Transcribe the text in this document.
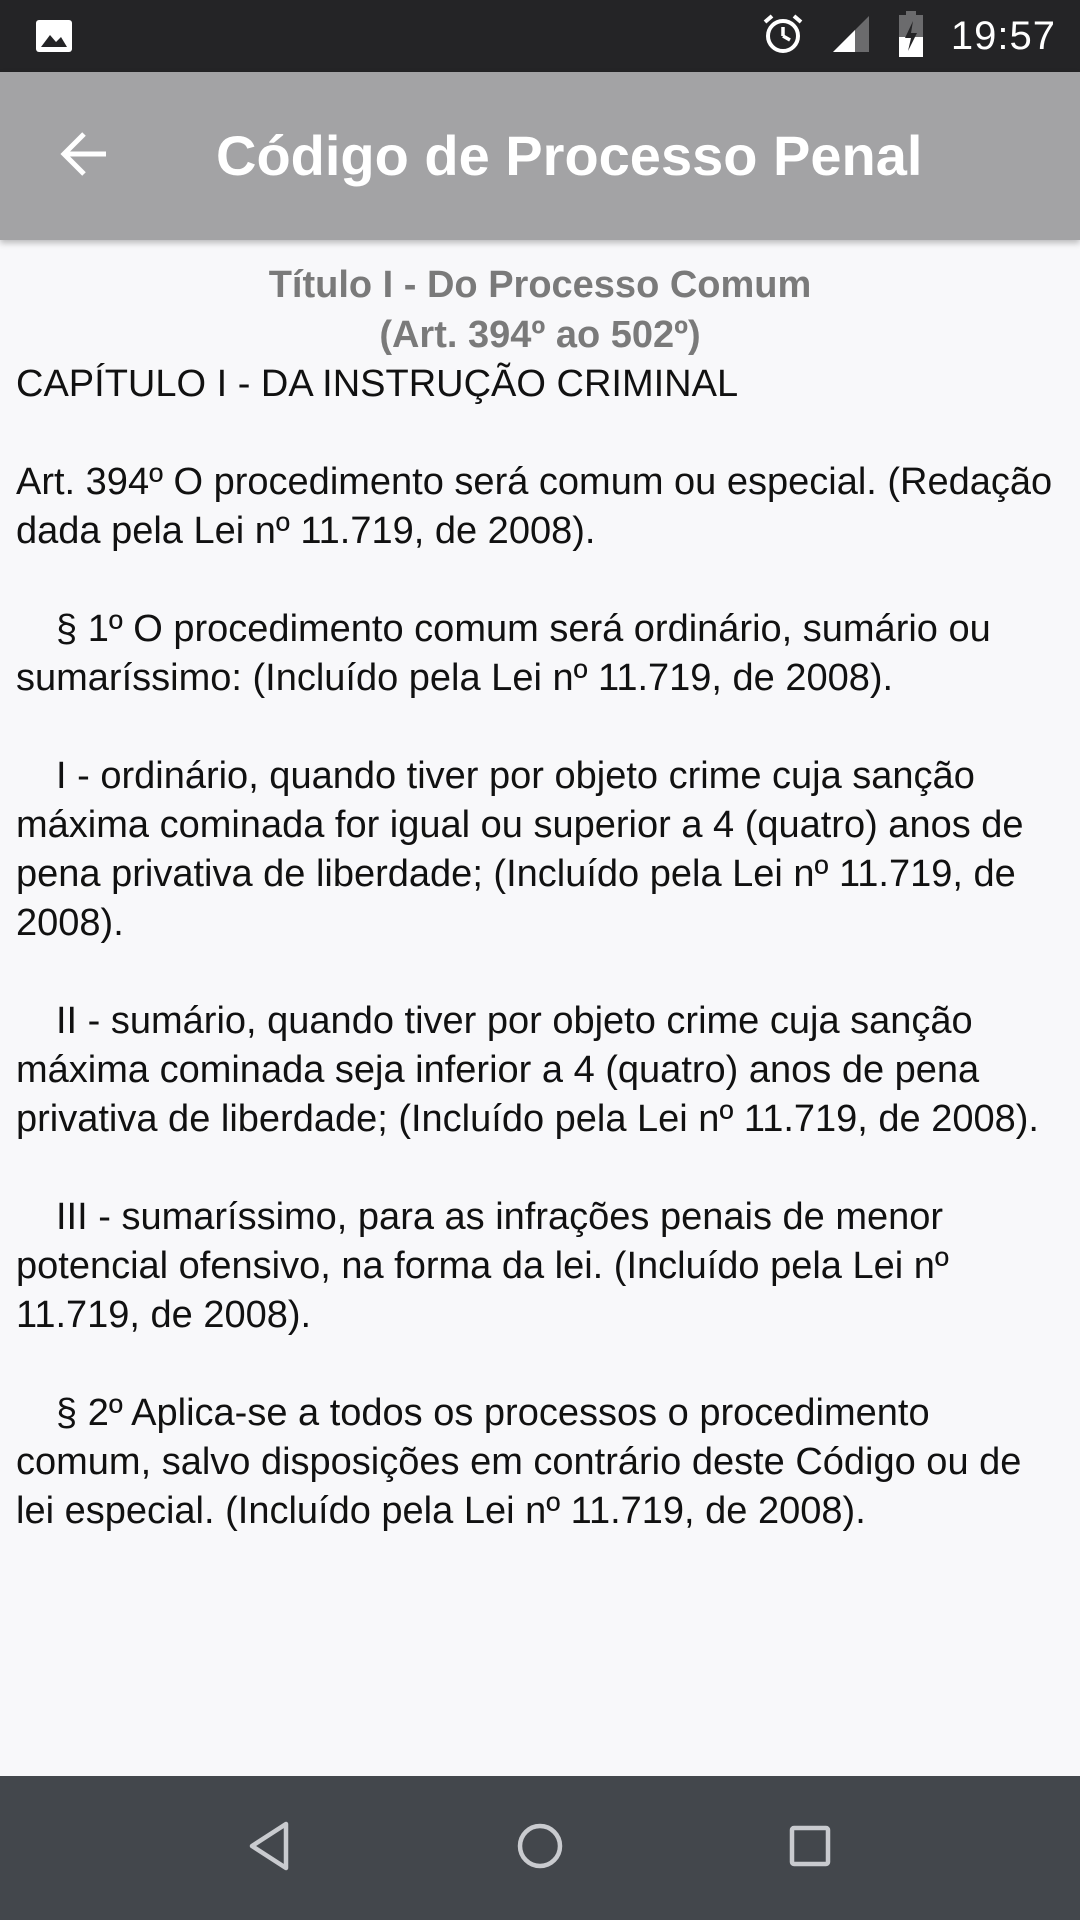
19:57
Código de Processo Penal
Título I - Do Processo Comum
(Art. 394º ao 502º)

CAPÍTULO I - DA INSTRUÇÃO CRIMINAL

Art. 394º O procedimento será comum ou especial. (Redação dada pela Lei nº 11.719, de 2008).

§ 1º O procedimento comum será ordinário, sumário ou sumaríssimo: (Incluído pela Lei nº 11.719, de 2008).

I - ordinário, quando tiver por objeto crime cuja sanção máxima cominada for igual ou superior a 4 (quatro) anos de pena privativa de liberdade; (Incluído pela Lei nº 11.719, de 2008).

II - sumário, quando tiver por objeto crime cuja sanção máxima cominada seja inferior a 4 (quatro) anos de pena privativa de liberdade; (Incluído pela Lei nº 11.719, de 2008).

III - sumaríssimo, para as infrações penais de menor potencial ofensivo, na forma da lei. (Incluído pela Lei nº 11.719, de 2008).

§ 2º Aplica-se a todos os processos o procedimento comum, salvo disposições em contrário deste Código ou de lei especial. (Incluído pela Lei nº 11.719, de 2008).
